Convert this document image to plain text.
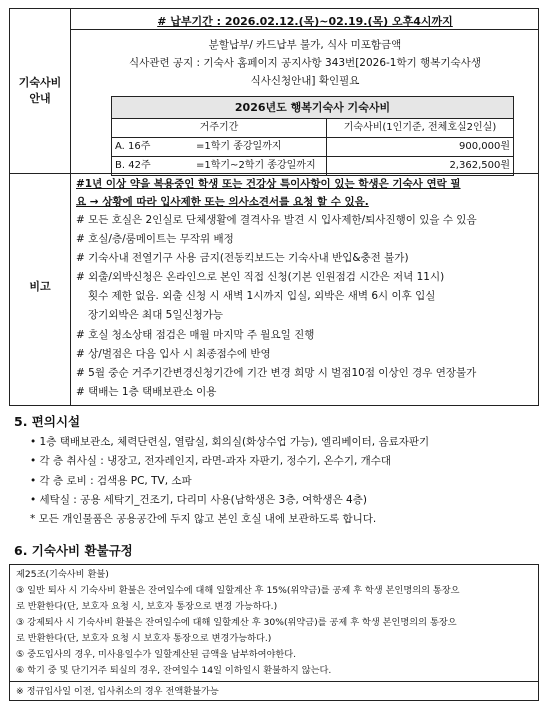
기숙사비
안내
# 납부기간 : 2026.02.12.(목)~02.19.(목) 오후4시까지
분할납부/ 카드납부 불가, 식사 미포함금액
식사관련 공지 : 기숙사 홈페이지 공지사항 343번[2026-1학기 행복기숙사생
식사신청안내] 확인필요
2026년도 행복기숙사 기숙사비
거주기간	기숙사비(1인기준, 전체호실2인실)
A. 16주	=1학기 종강일까지	900,000원
B. 42주	=1학기~2학기 종강일까지	2,362,500원
비고
#1년 이상 약을 복용중인 학생 또는 건강상 특이사항이 있는 학생은 기숙사 연락 필
요 → 상황에 따라 입사제한 또는 의사소견서를 요청 할 수 있음.
# 모든 호실은 2인실로 단체생활에 결격사유 발견 시 입사제한/퇴사진행이 있을 수 있음
# 호실/층/룸메이트는 무작위 배정
# 기숙사내 전열기구 사용 금지(전동킥보드는 기숙사내 반입&충전 불가)
# 외출/외박신청은 온라인으로 본인 직접 신청(기본 인원점검 시간은 저녁 11시)
횟수 제한 없음. 외출 신청 시 새벽 1시까지 입실, 외박은 새벽 6시 이후 입실
장기외박은 최대 5일신청가능
# 호실 청소상태 점검은 매월 마지막 주 월요일 진행
# 상/벌점은 다음 입사 시 최종점수에 반영
# 5월 중순 거주기간변경신청기간에 기간 변경 희망 시 벌점10점 이상인 경우 연장불가
# 택배는 1층 택배보관소 이용
5. 편의시설
• 1층 택배보관소, 체력단련실, 열람실, 회의실(화상수업 가능), 엘리베이터, 음료자판기
• 각 층 취사실 : 냉장고, 전자레인지, 라면-과자 자판기, 정수기, 온수기, 개수대
• 각 층 로비 : 검색용 PC, TV, 소파
• 세탁실 : 공용 세탁기_건조기, 다리미 사용(남학생은 3층, 여학생은 4층)
* 모든 개인물품은 공용공간에 두지 않고 본인 호실 내에 보관하도록 합니다.
6. 기숙사비 환불규정
제25조(기숙사비 환불)
③ 일반 퇴사 시 기숙사비 환불은 잔여일수에 대해 일할계산 후 15%(위약금)를 공제 후 학생 본인명의의 통장으
로 반환한다(단, 보호자 요청 시, 보호자 통장으로 변경 가능하다.)
③ 강제퇴사 시 기숙사비 환불은 잔여일수에 대해 일할계산 후 30%(위약금)를 공제 후 학생 본인명의의 통장으
로 반환한다(단, 보호자 요청 시 보호자 통장으로 변경가능하다.)
⑤ 중도입사의 경우, 미사용일수가 일할계산된 금액을 납부하여야한다.
⑥ 학기 중 및 단기거주 퇴실의 경우, 잔여일수 14일 이하일시 환불하지 않는다.
※ 정규입사일 이전, 입사취소의 경우 전액환불가능
